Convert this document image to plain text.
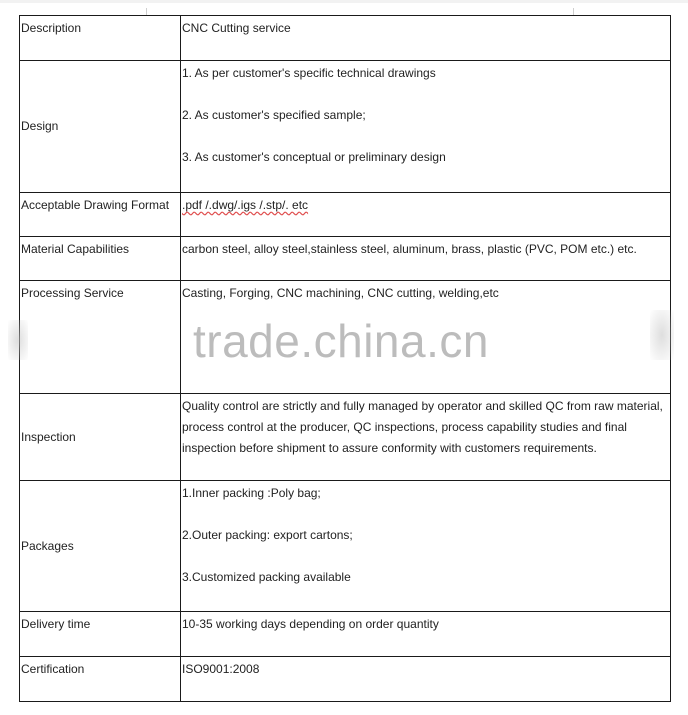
Description	CNC Cutting service

Design	1. As per customer's specific technical drawings
2. As customer's specified sample;
3. As customer's conceptual or preliminary design

Acceptable Drawing Format	.pdf /.dwg/.igs /.stp/. etc

Material Capabilities	carbon steel, alloy steel,stainless steel, aluminum, brass, plastic (PVC, POM etc.) etc.

Processing Service	Casting, Forging, CNC machining, CNC cutting, welding,etc

Inspection	Quality control are strictly and fully managed by operator and skilled QC from raw material,
process control at the producer, QC inspections, process capability studies and final
inspection before shipment to assure conformity with customers requirements.

Packages	1.Inner packing :Poly bag;
2.Outer packing: export cartons;
3.Customized packing available

Delivery time	10-35 working days depending on order quantity

Certification	ISO9001:2008
trade.china.cn
